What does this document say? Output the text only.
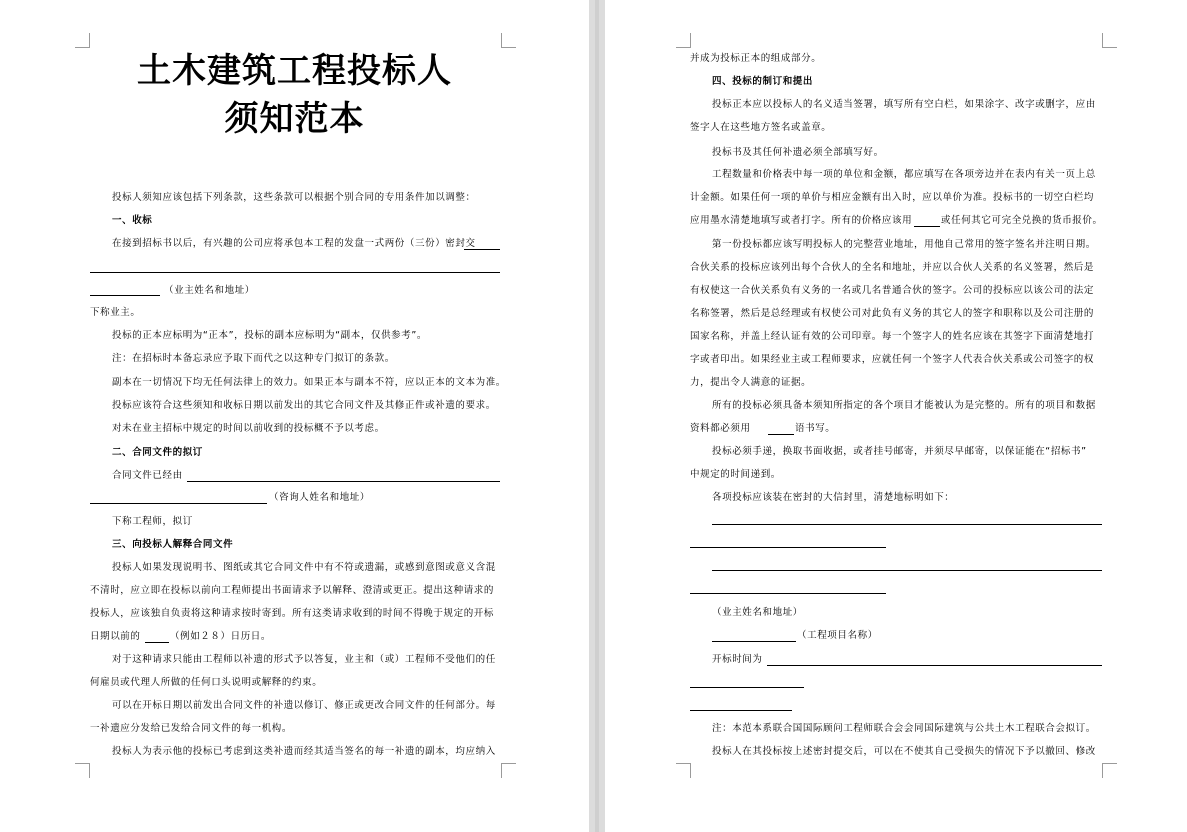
土木建筑工程投标人
须知范本
投标人须知应该包括下列条款，这些条款可以根据个别合同的专用条件加以调整：
一、收标
在接到招标书以后，有兴趣的公司应将承包本工程的发盘一式两份（三份）密封交
（业主姓名和地址）
下称业主。
投标的正本应标明为“正本”，投标的副本应标明为“副本，仅供参考”。
注：在招标时本备忘录应予取下而代之以这种专门拟订的条款。
副本在一切情况下均无任何法律上的效力。如果正本与副本不符，应以正本的文本为准。
投标应该符合这些须知和收标日期以前发出的其它合同文件及其修正件或补遗的要求。
对未在业主招标中规定的时间以前收到的投标概不予以考虑。
二、合同文件的拟订
合同文件已经由
（咨询人姓名和地址）
下称工程师，拟订
三、向投标人解释合同文件
投标人如果发现说明书、图纸或其它合同文件中有不符或遗漏，或感到意图或意义含混
不清时，应立即在投标以前向工程师提出书面请求予以解释、澄清或更正。提出这种请求的
投标人，应该独自负责将这种请求按时寄到。所有这类请求收到的时间不得晚于规定的开标
日期以前的	（例如２８）日历日。
对于这种请求只能由工程师以补遗的形式予以答复，业主和（或）工程师不受他们的任
何雇员或代理人所做的任何口头说明或解释的约束。
可以在开标日期以前发出合同文件的补遗以修订、修正或更改合同文件的任何部分。每
一补遗应分发给已发给合同文件的每一机构。
投标人为表示他的投标已考虑到这类补遗而经其适当签名的每一补遗的副本，均应纳入
并成为投标正本的组成部分。
四、投标的制订和提出
投标正本应以投标人的名义适当签署，填写所有空白栏，如果涂字、改字或删字，应由
签字人在这些地方签名或盖章。
投标书及其任何补遗必须全部填写好。
工程数量和价格表中每一项的单位和金额，都应填写在各项旁边并在表内有关一页上总
计金额。如果任何一项的单价与相应金额有出入时，应以单价为准。投标书的一切空白栏均
应用墨水清楚地填写或者打字。所有的价格应该用	或任何其它可完全兑换的货币报价。
第一份投标都应该写明投标人的完整营业地址，用他自己常用的签字签名并注明日期。
合伙关系的投标应该列出每个合伙人的全名和地址，并应以合伙人关系的名义签署，然后是
有权使这一合伙关系负有义务的一名或几名普通合伙的签字。公司的投标应以该公司的法定
名称签署，然后是总经理或有权使公司对此负有义务的其它人的签字和职称以及公司注册的
国家名称，并盖上经认证有效的公司印章。每一个签字人的姓名应该在其签字下面清楚地打
字或者印出。如果经业主或工程师要求，应就任何一个签字人代表合伙关系或公司签字的权
力，提出令人满意的证据。
所有的投标必须具备本须知所指定的各个项目才能被认为是完整的。所有的项目和数据
资料都必须用	语书写。
投标必须手递，换取书面收据，或者挂号邮寄，并须尽早邮寄，以保证能在“招标书”
中规定的时间递到。
各项投标应该装在密封的大信封里，清楚地标明如下：
（业主姓名和地址）
（工程项目名称）
开标时间为
注：本范本系联合国国际顾问工程师联合会会同国际建筑与公共土木工程联合会拟订。
投标人在其投标按上述密封提交后，可以在不使其自己受损失的情况下予以撤回、修改
